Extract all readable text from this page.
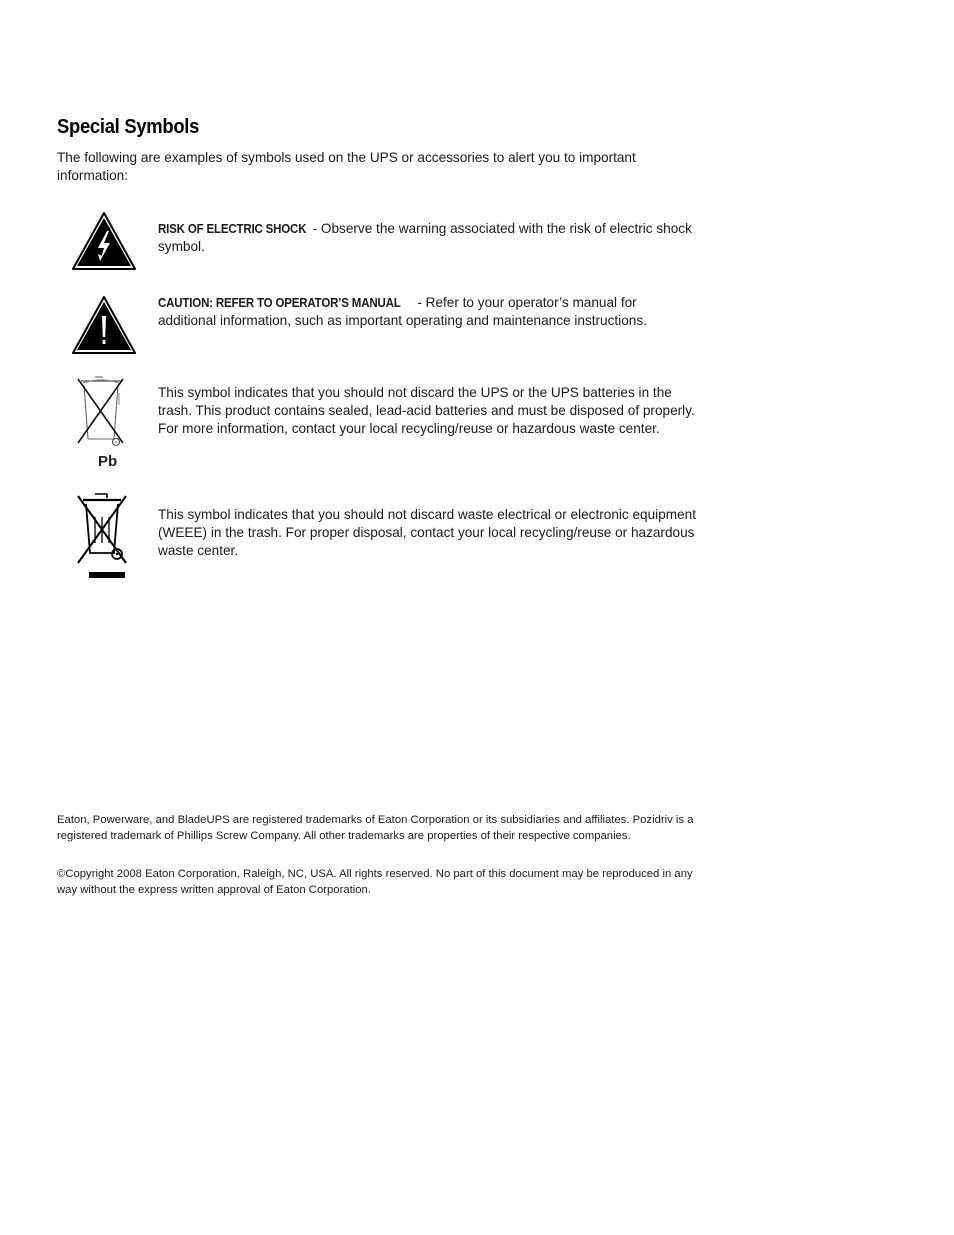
Special Symbols

The following are examples of symbols used on the UPS or accessories to alert you to important information:

RISK OF ELECTRIC SHOCK - Observe the warning associated with the risk of electric shock symbol.

CAUTION: REFER TO OPERATOR’S MANUAL - Refer to your operator’s manual for additional information, such as important operating and maintenance instructions.

Pb

This symbol indicates that you should not discard the UPS or the UPS batteries in the trash. This product contains sealed, lead-acid batteries and must be disposed of properly. For more information, contact your local recycling/reuse or hazardous waste center.

This symbol indicates that you should not discard waste electrical or electronic equipment (WEEE) in the trash. For proper disposal, contact your local recycling/reuse or hazardous waste center.

Eaton, Powerware, and BladeUPS are registered trademarks of Eaton Corporation or its subsidiaries and affiliates. Pozidriv is a registered trademark of Phillips Screw Company. All other trademarks are properties of their respective companies.

©Copyright 2008 Eaton Corporation, Raleigh, NC, USA. All rights reserved. No part of this document may be reproduced in any way without the express written approval of Eaton Corporation.
